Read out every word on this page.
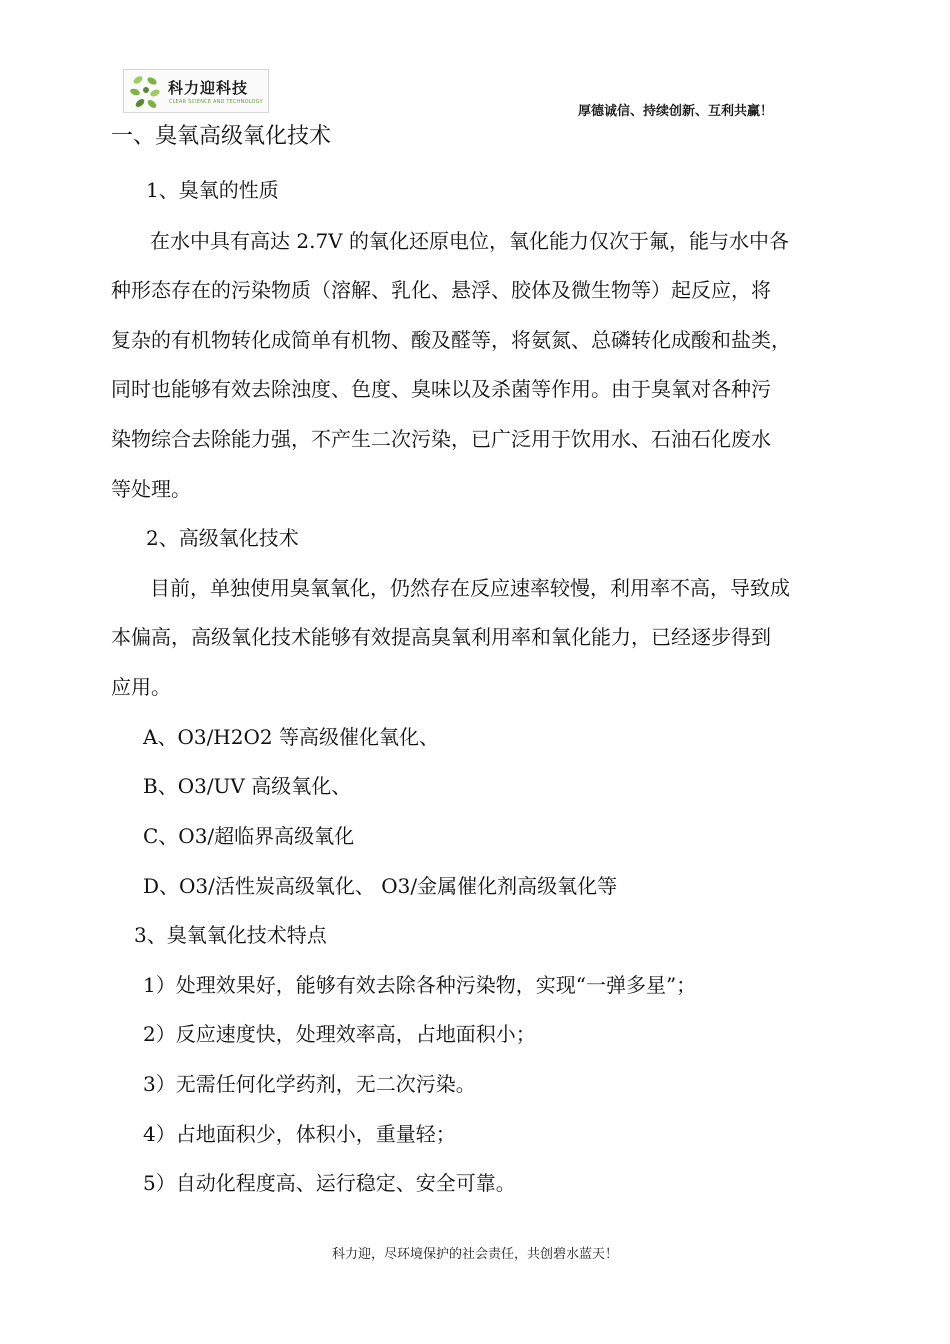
科力迎科技
CLEAR SCIENCE AND TECHNOLOGY
厚德诚信、持续创新、互利共赢！
一、臭氧高级氧化技术
1、臭氧的性质
在水中具有高达 2.7V 的氧化还原电位，氧化能力仅次于氟，能与水中各
种形态存在的污染物质（溶解、乳化、悬浮、胶体及微生物等）起反应，将
复杂的有机物转化成简单有机物、酸及醛等，将氨氮、总磷转化成酸和盐类，
同时也能够有效去除浊度、色度、臭味以及杀菌等作用。由于臭氧对各种污
染物综合去除能力强，不产生二次污染，已广泛用于饮用水、石油石化废水
等处理。
2、高级氧化技术
目前，单独使用臭氧氧化，仍然存在反应速率较慢，利用率不高，导致成
本偏高，高级氧化技术能够有效提高臭氧利用率和氧化能力，已经逐步得到
应用。
A、O3/H2O2 等高级催化氧化、
B、O3/UV 高级氧化、
C、O3/超临界高级氧化
D、O3/活性炭高级氧化、 O3/金属催化剂高级氧化等
3、臭氧氧化技术特点
1）处理效果好，能够有效去除各种污染物，实现“一弹多星”；
2）反应速度快，处理效率高，占地面积小；
3）无需任何化学药剂，无二次污染。
4）占地面积少，体积小，重量轻；
5）自动化程度高、运行稳定、安全可靠。
科力迎，尽环境保护的社会责任，共创碧水蓝天！
